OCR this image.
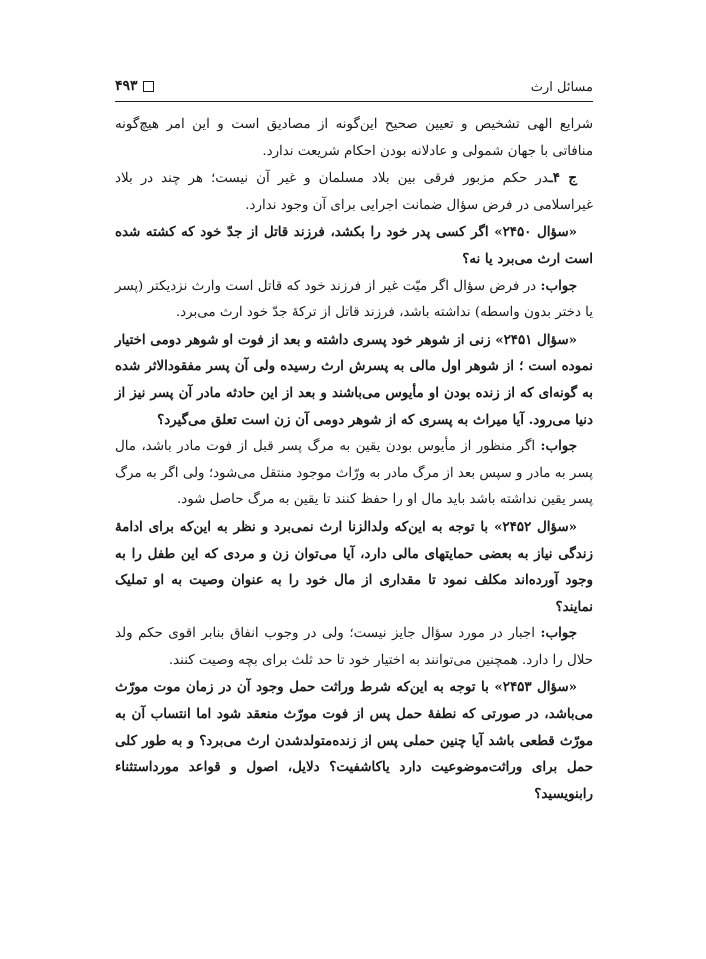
مسائل ارث
۴۹۳

شرایع الهی تشخیص و تعیین صحیح این‌گونه از مصادیق است و این امر هیچ‌گونه منافاتی با جهان شمولی و عادلانه بودن احکام شریعت ندارد.

ج ۴ـدر حکم مزبور فرقی بین بلاد مسلمان و غیر آن نیست؛ هر چند در بلاد غیراسلامی در فرض سؤال ضمانت اجرایی برای آن وجود ندارد.

«سؤال ۲۴۵۰» اگر کسی پدر خود را بکشد، فرزند قاتل از جدّ خود که کشته شده است ارث می‌برد یا نه؟

جواب: در فرض سؤال اگر میّت غیر از فرزند خود که قاتل است وارث نزدیکتر (پسر یا دختر بدون واسطه) نداشته باشد، فرزند قاتل از ترکهٔ جدّ خود ارث می‌برد.

«سؤال ۲۴۵۱» زنی از شوهر خود پسری داشته و بعد از فوت او شوهر دومی اختیار نموده است ؛ از شوهر اول مالی به پسرش ارث رسیده ولی آن پسر مفقودالاثر شده به گونه‌ای که از زنده بودن او مأیوس می‌باشند و بعد از این حادثه مادر آن پسر نیز از دنیا می‌رود. آیا میراث به پسری که از شوهر دومی آن زن است تعلق می‌گیرد؟

جواب: اگر منظور از مأیوس بودن یقین به مرگ پسر قبل از فوت مادر باشد، مال پسر به مادر و سپس بعد از مرگ مادر به ورّاث موجود منتقل می‌شود؛ ولی اگر به مرگ پسر یقین نداشته باشد باید مال او را حفظ کنند تا یقین به مرگ حاصل شود.

«سؤال ۲۴۵۲» با توجه به این‌که ولدالزنا ارث نمی‌برد و نظر به این‌که برای ادامهٔ زندگی نیاز به بعضی حمایتهای مالی دارد، آیا می‌توان زن و مردی که این طفل را به وجود آورده‌اند مکلف نمود تا مقداری از مال خود را به عنوان وصیت به او تملیک نمایند؟

جواب: اجبار در مورد سؤال جایز نیست؛ ولی در وجوب انفاق بنابر اقوی حکم ولد حلال را دارد. همچنین می‌توانند به اختیار خود تا حد ثلث برای بچه وصیت کنند.

«سؤال ۲۴۵۳» با توجه به این‌که شرط وراثت حمل وجود آن در زمان موت مورّث می‌باشد، در صورتی که نطفهٔ حمل پس از فوت مورّث منعقد شود اما انتساب آن به مورّث قطعی باشد آیا چنین حملی پس از زنده‌متولدشدن ارث می‌برد؟ و به طور کلی حمل برای وراثت‌موضوعیت دارد یاکاشفیت؟ دلایل، اصول و قواعد مورداستثناء رابنویسید؟
